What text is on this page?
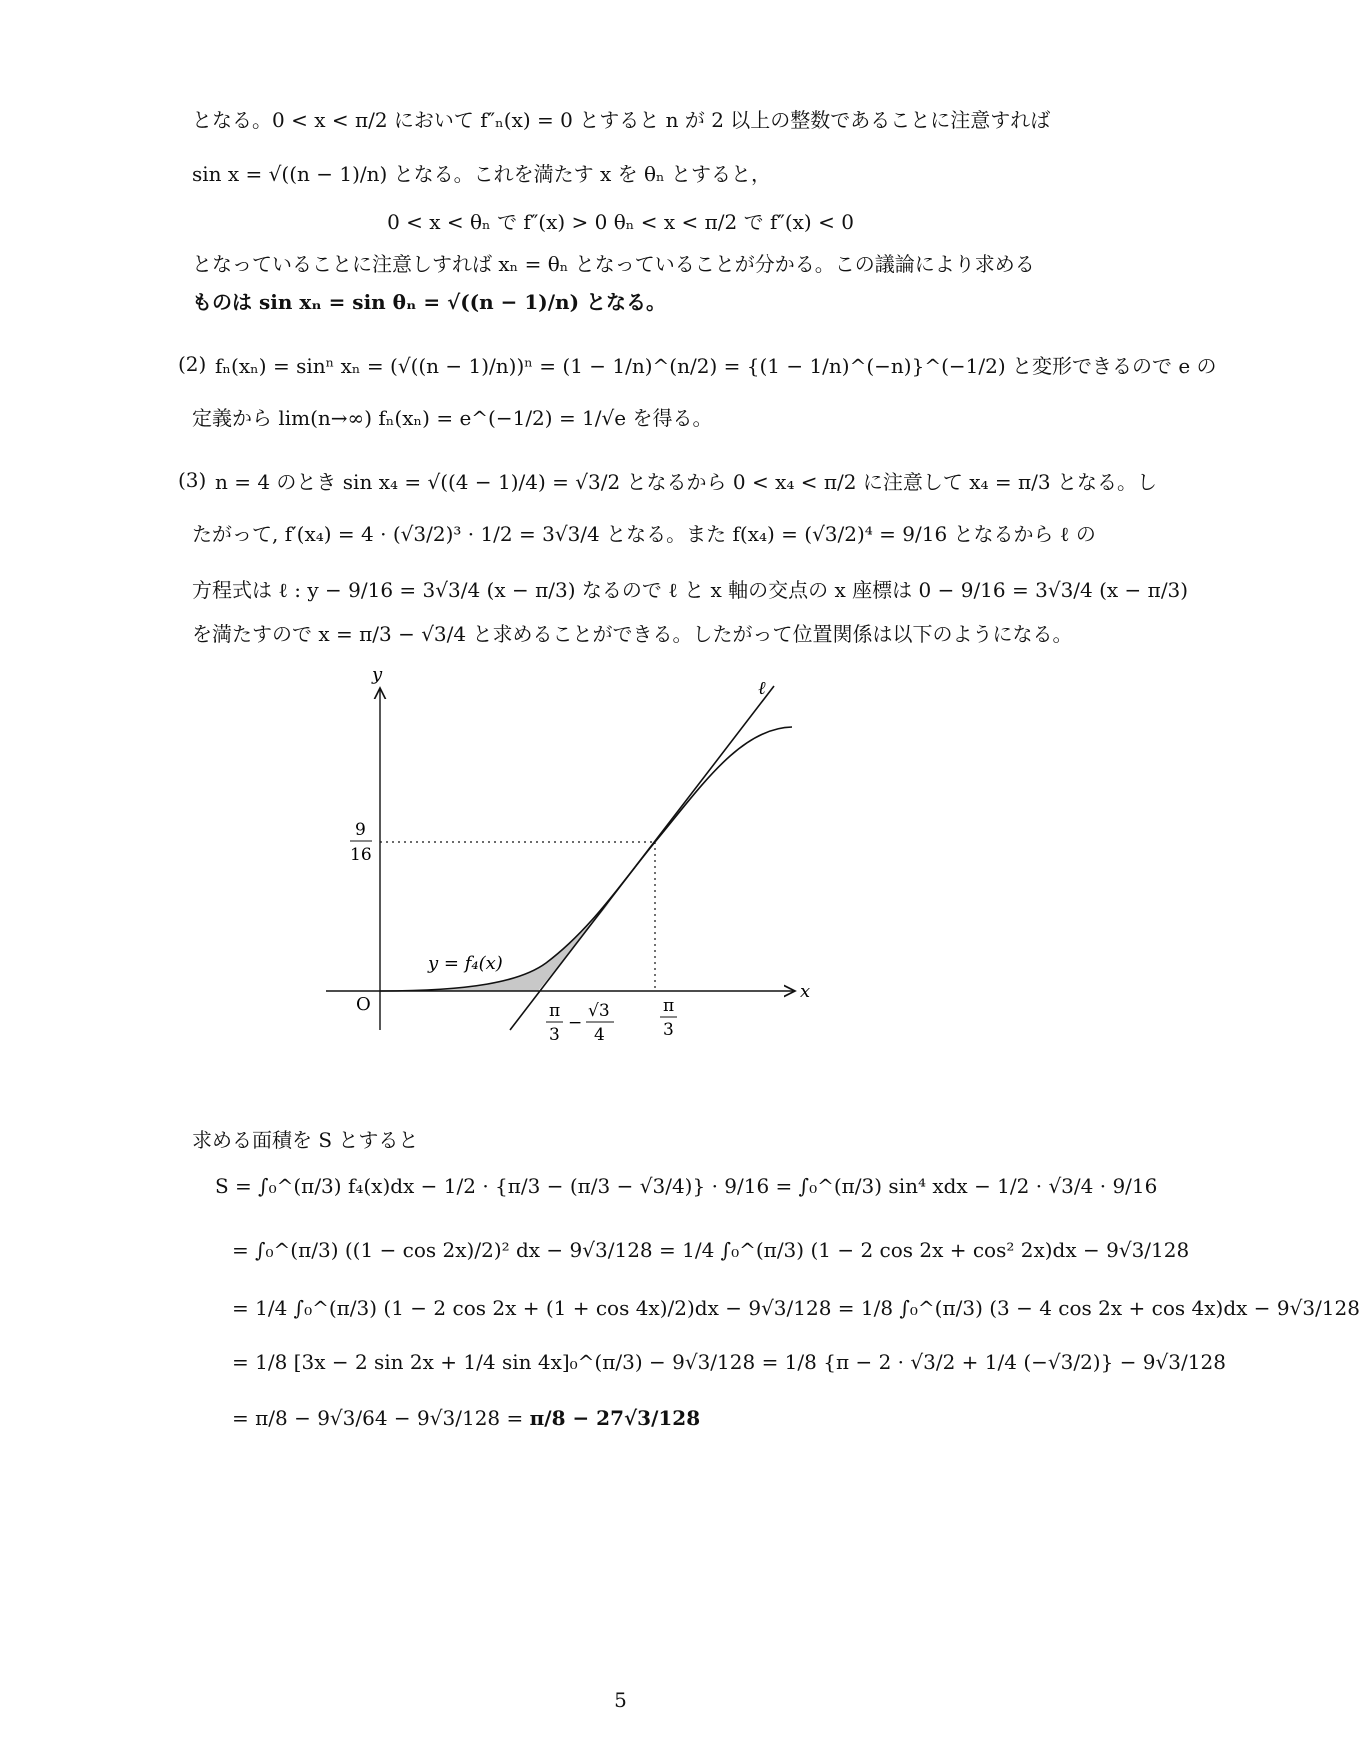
となる。0 < x < π/2 において f″ₙ(x) = 0 とすると n が 2 以上の整数であることに注意すれば
sin x = √((n − 1)/n) となる。これを満たす x を θₙ とすると，
0 < x < θₙ で f″(x) > 0 θₙ < x < π/2 で f″(x) < 0
となっていることに注意しすれば xₙ = θₙ となっていることが分かる。この議論により求める
ものは sin xₙ = sin θₙ = √((n − 1)/n) となる。
(2) fₙ(xₙ) = sinⁿ xₙ = (√((n − 1)/n))ⁿ = (1 − 1/n)^(n/2) = {(1 − 1/n)^(−n)}^(−1/2) と変形できるので e の
定義から lim(n→∞) fₙ(xₙ) = e^(−1/2) = 1/√e を得る。
(3) n = 4 のとき sin x₄ = √((4 − 1)/4) = √3/2 となるから 0 < x₄ < π/2 に注意して x₄ = π/3 となる。し
たがって, f′(x₄) = 4 · (√3/2)³ · 1/2 = 3√3/4 となる。また f(x₄) = (√3/2)⁴ = 9/16 となるから ℓ の
方程式は ℓ : y − 9/16 = 3√3/4 (x − π/3) なるので ℓ と x 軸の交点の x 座標は 0 − 9/16 = 3√3/4 (x − π/3)
を満たすので x = π/3 − √3/4 と求めることができる。したがって位置関係は以下のようになる。
y
x
O
ℓ
y = f₄(x)
9
16
π
3
−
√3
4
π
3
求める面積を S とすると
S = ∫₀^(π/3) f₄(x)dx − 1/2 · {π/3 − (π/3 − √3/4)} · 9/16 = ∫₀^(π/3) sin⁴ xdx − 1/2 · √3/4 · 9/16
= ∫₀^(π/3) ((1 − cos 2x)/2)² dx − 9√3/128 = 1/4 ∫₀^(π/3) (1 − 2 cos 2x + cos² 2x)dx − 9√3/128
= 1/4 ∫₀^(π/3) (1 − 2 cos 2x + (1 + cos 4x)/2)dx − 9√3/128 = 1/8 ∫₀^(π/3) (3 − 4 cos 2x + cos 4x)dx − 9√3/128
= 1/8 [3x − 2 sin 2x + 1/4 sin 4x]₀^(π/3) − 9√3/128 = 1/8 {π − 2 · √3/2 + 1/4 (−√3/2)} − 9√3/128
= π/8 − 9√3/64 − 9√3/128 = π/8 − 27√3/128
5
